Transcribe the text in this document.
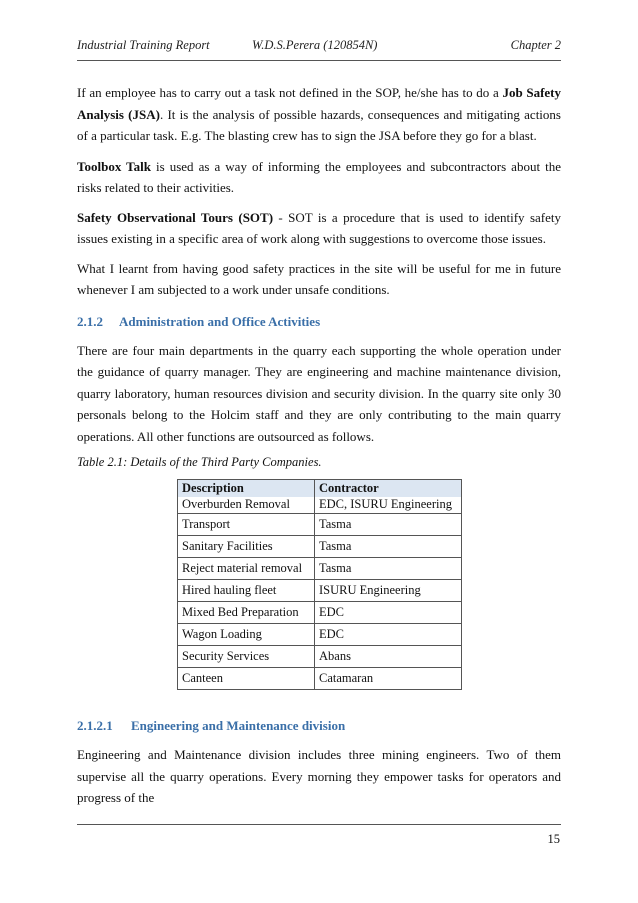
Industrial Training Report	W.D.S.Perera (120854N)	Chapter 2

If an employee has to carry out a task not defined in the SOP, he/she has to do a Job Safety Analysis (JSA). It is the analysis of possible hazards, consequences and mitigating actions of a particular task. E.g. The blasting crew has to sign the JSA before they go for a blast.

Toolbox Talk is used as a way of informing the employees and subcontractors about the risks related to their activities.

Safety Observational Tours (SOT) - SOT is a procedure that is used to identify safety issues existing in a specific area of work along with suggestions to overcome those issues.

What I learnt from having good safety practices in the site will be useful for me in future whenever I am subjected to a work under unsafe conditions.

2.1.2 Administration and Office Activities

There are four main departments in the quarry each supporting the whole operation under the guidance of quarry manager. They are engineering and machine maintenance division, quarry laboratory, human resources division and security division. In the quarry site only 30 personals belong to the Holcim staff and they are only contributing to the main quarry operations. All other functions are outsourced as follows.

Table 2.1: Details of the Third Party Companies.
Description	Contractor
Overburden Removal	EDC, ISURU Engineering
Transport	Tasma
Sanitary Facilities	Tasma
Reject material removal	Tasma
Hired hauling fleet	ISURU Engineering
Mixed Bed Preparation	EDC
Wagon Loading	EDC
Security Services	Abans
Canteen	Catamaran
2.1.2.1 Engineering and Maintenance division

Engineering and Maintenance division includes three mining engineers. Two of them supervise all the quarry operations. Every morning they empower tasks for operators and progress of the

15
